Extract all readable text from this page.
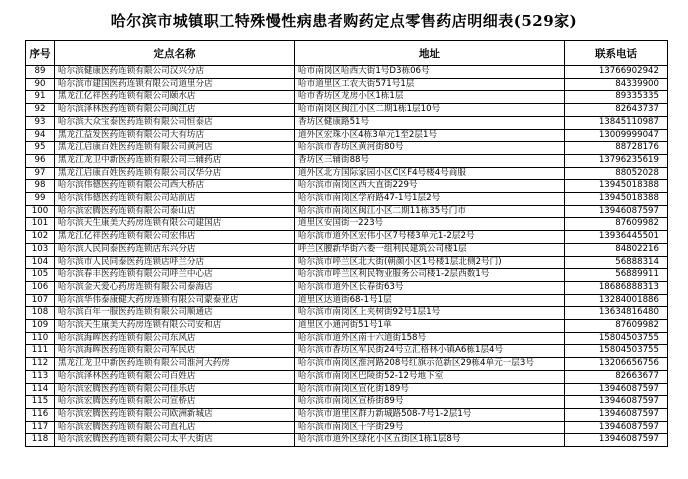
哈尔滨市城镇职工特殊慢性病患者购药定点零售药店明细表(529家)
序号	定点名称	地址	联系电话
89	哈尔滨健康医药连锁有限公司汉兴分店	哈市南岗区哈西大街1号D3栋06号	13766902942
90	哈尔滨市建国医药连锁有限公司道里分店	哈市道里区工农大街571号1层	84339900
91	黑龙江亿祥医药连锁有限公司颐水店	哈市香坊区龙房小区1栋1层	89335335
92	哈尔滨泽林医药连锁有限公司闽江店	哈市南岗区闽江小区二期1栋1层10号	82643737
93	哈尔滨大众宝泰医药连锁有限公司恒泰店	香坊区健康路51号	13845110987
94	黑龙江益发医药连锁有限公司大有坊店	道外区宏珠小区4栋3单元1至2层1号	13009999047
95	黑龙江启康百姓医药连锁有限公司黄河店	哈尔滨市香坊区黄河街80号	88728176
96	黑龙江龙卫中新医药连锁有限公司三辅药店	香坊区三辅街88号	13796235619
97	黑龙江启康百姓医药连锁有限公司汉华分店	道外区北方国际家园小区C区F4号楼4号商服	88052028
98	哈尔滨伟德医药连锁有限公司西大桥店	哈尔滨市南岗区西大直街229号	13945018388
99	哈尔滨伟德医药连锁有限公司站前店	哈尔滨市南岗区学府路47-1号1层2号	13945018388
100	哈尔滨宏腾医药连锁有限公司泰山店	哈尔滨市南岗区闽江小区二期11栋35号门市	13946087597
101	哈尔滨天生康美大药房连锁有限公司建国店	道里区安国街一223号	87609982
102	黑龙江亿祥医药连锁有限公司宏伟店	哈尔滨市道外区宏伟小区7号楼3单元1-2层2号	13936445501
103	哈尔滨人民同泰医药连锁店东兴分店	呼兰区腰新华街六委一组利民建筑公司楼1层	84802216
104	哈尔滨市人民同泰医药连锁店呼兰分店	哈尔滨市呼兰区北大街(朝颜小区1号楼1层北侧2号门)	56888314
105	哈尔滨春丰医药连锁有限公司呼兰中心店	哈尔滨市呼兰区利民物业服务公司楼1-2层西数1号	56889911
106	哈尔滨金天爱心药房连锁有限公司泰海店	哈尔滨市道外区长春街63号	18686888313
107	哈尔滨华伟泰康健大药房连锁有限公司蒙泰亚店	道里区达道街68-1号1层	13284001886
108	哈尔滨百年一服医药连锁有限公司顺通店	哈尔滨市南岗区上夹树街92号1层1号	13634816480
109	哈尔滨天生康美大药房连锁有限公司安和店	道里区小通河街51号1单	87609982
110	哈尔滨海晖医药连锁有限公司东风店	哈尔滨市道外区南十六道街158号	15804503755
111	哈尔滨海晖医药连锁有限公司军民店	哈尔滨市香坊区军民街24号立汇格林小镇A6栋1层4号	15804503755
112	黑龙江龙卫中新医药连锁有限公司淮河大药房	哈尔滨市南岗区淮河路208号红旗示范新区29栋4单元一层3号	13206656756
113	哈尔滨泽林医药连锁有限公司百姓店	哈尔滨市南岗区巴陵街52-12号地下室	82663677
114	哈尔滨宏腾医药连锁有限公司佳乐店	哈尔滨市南岗区宣化街189号	13946087597
115	哈尔滨宏腾医药连锁有限公司宣桥店	哈尔滨市南岗区宣桥街89号	13946087597
116	哈尔滨宏腾医药连锁有限公司欧洲新城店	哈尔滨市道里区群力新城路508-7号1-2层1号	13946087597
117	哈尔滨宏腾医药连锁有限公司直礼店	哈尔滨市南岗区十字街29号	13946087597
118	哈尔滨宏腾医药连锁有限公司太平大街店	哈尔滨市道外区绿化小区五街区1栋1层8号	13946087597
